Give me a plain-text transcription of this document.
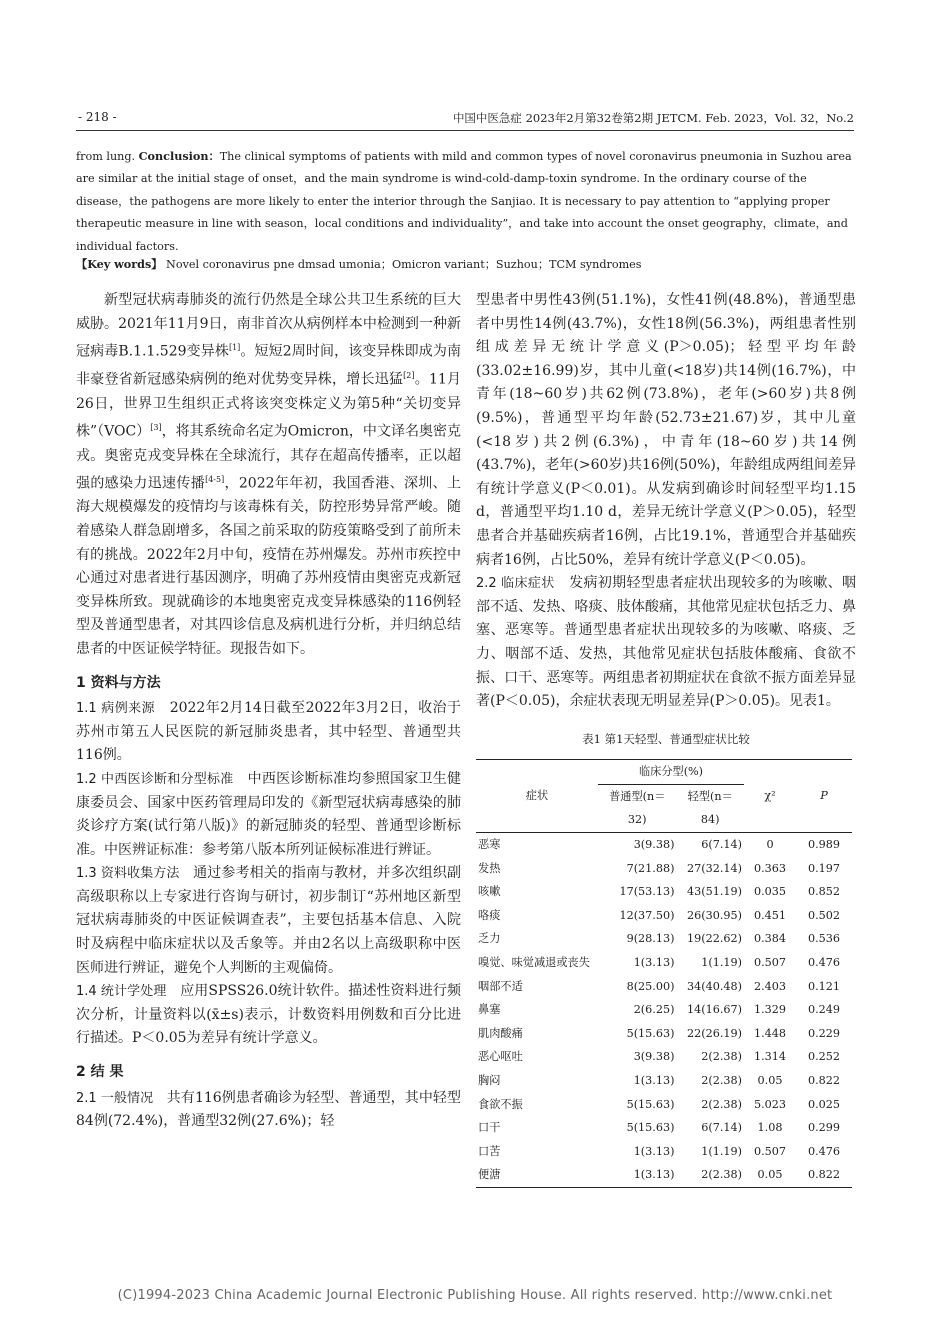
- 218 -	中国中医急症 2023年2月第32卷第2期 JETCM. Feb. 2023，Vol. 32，No.2
from lung. Conclusion：The clinical symptoms of patients with mild and common types of novel coronavirus pneumonia in Suzhou area are similar at the initial stage of onset，and the main syndrome is wind-cold-damp-toxin syndrome. In the ordinary course of the disease，the pathogens are more likely to enter the interior through the Sanjiao. It is necessary to pay attention to “applying proper therapeutic measure in line with season，local conditions and individuality”，and take into account the onset geography，climate，and individual factors.
【Key words】 Novel coronavirus pne dmsad umonia；Omicron variant；Suzhou；TCM syndromes

新型冠状病毒肺炎的流行仍然是全球公共卫生系统的巨大威胁。2021年11月9日，南非首次从病例样本中检测到一种新冠病毒B.1.1.529变异株[1]。短短2周时间，该变异株即成为南非豪登省新冠感染病例的绝对优势变异株，增长迅猛[2]。11月26日，世界卫生组织正式将该突变株定义为第5种“关切变异株”（VOC）[3]，将其系统命名定为Omicron，中文译名奥密克戎。奥密克戎变异株在全球流行，其存在超高传播率，正以超强的感染力迅速传播[4-5]，2022年年初，我国香港、深圳、上海大规模爆发的疫情均与该毒株有关，防控形势异常严峻。随着感染人群急剧增多，各国之前采取的防疫策略受到了前所未有的挑战。2022年2月中旬，疫情在苏州爆发。苏州市疾控中心通过对患者进行基因测序，明确了苏州疫情由奥密克戎新冠变异株所致。现就确诊的本地奥密克戎变异株感染的116例轻型及普通型患者，对其四诊信息及病机进行分析，并归纳总结患者的中医证候学特征。现报告如下。

1 资料与方法

1.1 病例来源 2022年2月14日截至2022年3月2日，收治于苏州市第五人民医院的新冠肺炎患者，其中轻型、普通型共116例。

1.2 中西医诊断和分型标准 中西医诊断标准均参照国家卫生健康委员会、国家中医药管理局印发的《新型冠状病毒感染的肺炎诊疗方案(试行第八版)》的新冠肺炎的轻型、普通型诊断标准。中医辨证标准：参考第八版本所列证候标准进行辨证。

1.3 资料收集方法 通过参考相关的指南与教材，并多次组织副高级职称以上专家进行咨询与研讨，初步制订“苏州地区新型冠状病毒肺炎的中医证候调查表”，主要包括基本信息、入院时及病程中临床症状以及舌象等。并由2名以上高级职称中医医师进行辨证，避免个人判断的主观偏倚。

1.4 统计学处理 应用SPSS26.0统计软件。描述性资料进行频次分析，计量资料以(x̄±s)表示，计数资料用例数和百分比进行描述。P＜0.05为差异有统计学意义。

2 结 果

2.1 一般情况 共有116例患者确诊为轻型、普通型，其中轻型84例(72.4%)，普通型32例(27.6%)；轻

型患者中男性43例(51.1%)，女性41例(48.8%)，普通型患者中男性14例(43.7%)，女性18例(56.3%)，两组患者性别组成差异无统计学意义(P＞0.05)；轻型平均年龄(33.02±16.99)岁，其中儿童(<18岁)共14例(16.7%)，中青年(18~60岁)共62例(73.8%)，老年(>60岁)共8例(9.5%)，普通型平均年龄(52.73±21.67)岁，其中儿童(<18岁)共2例(6.3%)，中青年(18~60岁)共14例(43.7%)，老年(>60岁)共16例(50%)，年龄组成两组间差异有统计学意义(P＜0.01)。从发病到确诊时间轻型平均1.15 d，普通型平均1.10 d，差异无统计学意义(P＞0.05)，轻型患者合并基础疾病者16例，占比19.1%，普通型合并基础疾病者16例，占比50%，差异有统计学意义(P＜0.05)。

2.2 临床症状 发病初期轻型患者症状出现较多的为咳嗽、咽部不适、发热、咯痰、肢体酸痛，其他常见症状包括乏力、鼻塞、恶寒等。普通型患者症状出现较多的为咳嗽、咯痰、乏力、咽部不适、发热，其他常见症状包括肢体酸痛、食欲不振、口干、恶寒等。两组患者初期症状在食欲不振方面差异显著(P＜0.05)，余症状表现无明显差异(P＞0.05)。见表1。

表1 第1天轻型、普通型症状比较

症状	临床分型(%)		χ²	P
	普通型(n＝32)	轻型(n＝84)		
恶寒	3(9.38)	6(7.14)	0	0.989
发热	7(21.88)	27(32.14)	0.363	0.197
咳嗽	17(53.13)	43(51.19)	0.035	0.852
咯痰	12(37.50)	26(30.95)	0.451	0.502
乏力	9(28.13)	19(22.62)	0.384	0.536
嗅觉、味觉减退或丧失	1(3.13)	1(1.19)	0.507	0.476
咽部不适	8(25.00)	34(40.48)	2.403	0.121
鼻塞	2(6.25)	14(16.67)	1.329	0.249
肌肉酸痛	5(15.63)	22(26.19)	1.448	0.229
恶心呕吐	3(9.38)	2(2.38)	1.314	0.252
胸闷	1(3.13)	2(2.38)	0.05	0.822
食欲不振	5(15.63)	2(2.38)	5.023	0.025
口干	5(15.63)	6(7.14)	1.08	0.299
口苦	1(3.13)	1(1.19)	0.507	0.476
便溏	1(3.13)	2(2.38)	0.05	0.822
(C)1994-2023 China Academic Journal Electronic Publishing House. All rights reserved. http://www.cnki.net
